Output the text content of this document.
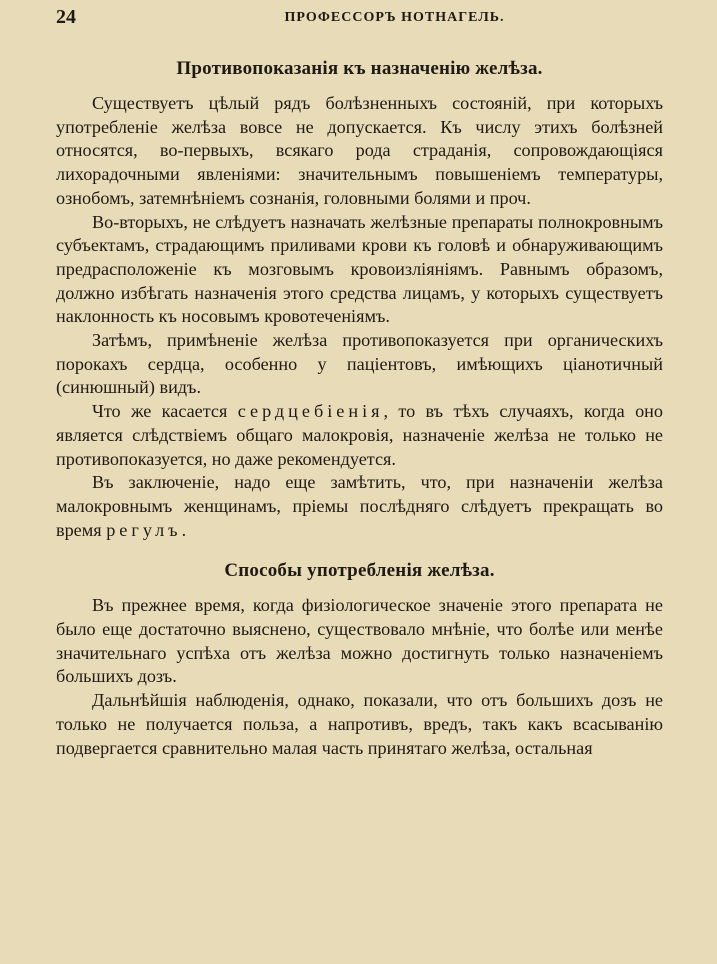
24	ПРОФЕССОРЪ НОТНАГЕЛЬ.
Противопоказанія къ назначенію желѣза.

Существуетъ цѣлый рядъ болѣзненныхъ состояній, при которыхъ употребленіе желѣза вовсе не допускается. Къ числу этихъ болѣзней относятся, во-первыхъ, всякаго рода страданія, сопровождающіяся лихорадочными явленіями: значительнымъ повышеніемъ температуры, ознобомъ, затемнѣніемъ сознанія, головными болями и проч.

Во-вторыхъ, не слѣдуетъ назначать желѣзные препараты полнокровнымъ субъектамъ, страдающимъ приливами крови къ головѣ и обнаруживающимъ предрасположеніе къ мозговымъ кровоизліяніямъ. Равнымъ образомъ, должно избѣгать назначенія этого средства лицамъ, у которыхъ существуетъ наклонность къ носовымъ кровотеченіямъ.

Затѣмъ, примѣненіе желѣза противопоказуется при органическихъ порокахъ сердца, особенно у паціентовъ, имѣющихъ ціанотичный (синюшный) видъ.

Что же касается сердцебіенія, то въ тѣхъ случаяхъ, когда оно является слѣдствіемъ общаго малокровія, назначеніе желѣза не только не противопоказуется, но даже рекомендуется.

Въ заключеніе, надо еще замѣтить, что, при назначеніи желѣза малокровнымъ женщинамъ, пріемы послѣдняго слѣдуетъ прекращать во время регулъ.

Способы употребленія желѣза.

Въ прежнее время, когда физіологическое значеніе этого препарата не было еще достаточно выяснено, существовало мнѣніе, что болѣе или менѣе значительнаго успѣха отъ желѣза можно достигнуть только назначеніемъ большихъ дозъ.

Дальнѣйшія наблюденія, однако, показали, что отъ большихъ дозъ не только не получается польза, а напротивъ, вредъ, такъ какъ всасыванію подвергается сравнительно малая часть принятаго желѣза, остальная
